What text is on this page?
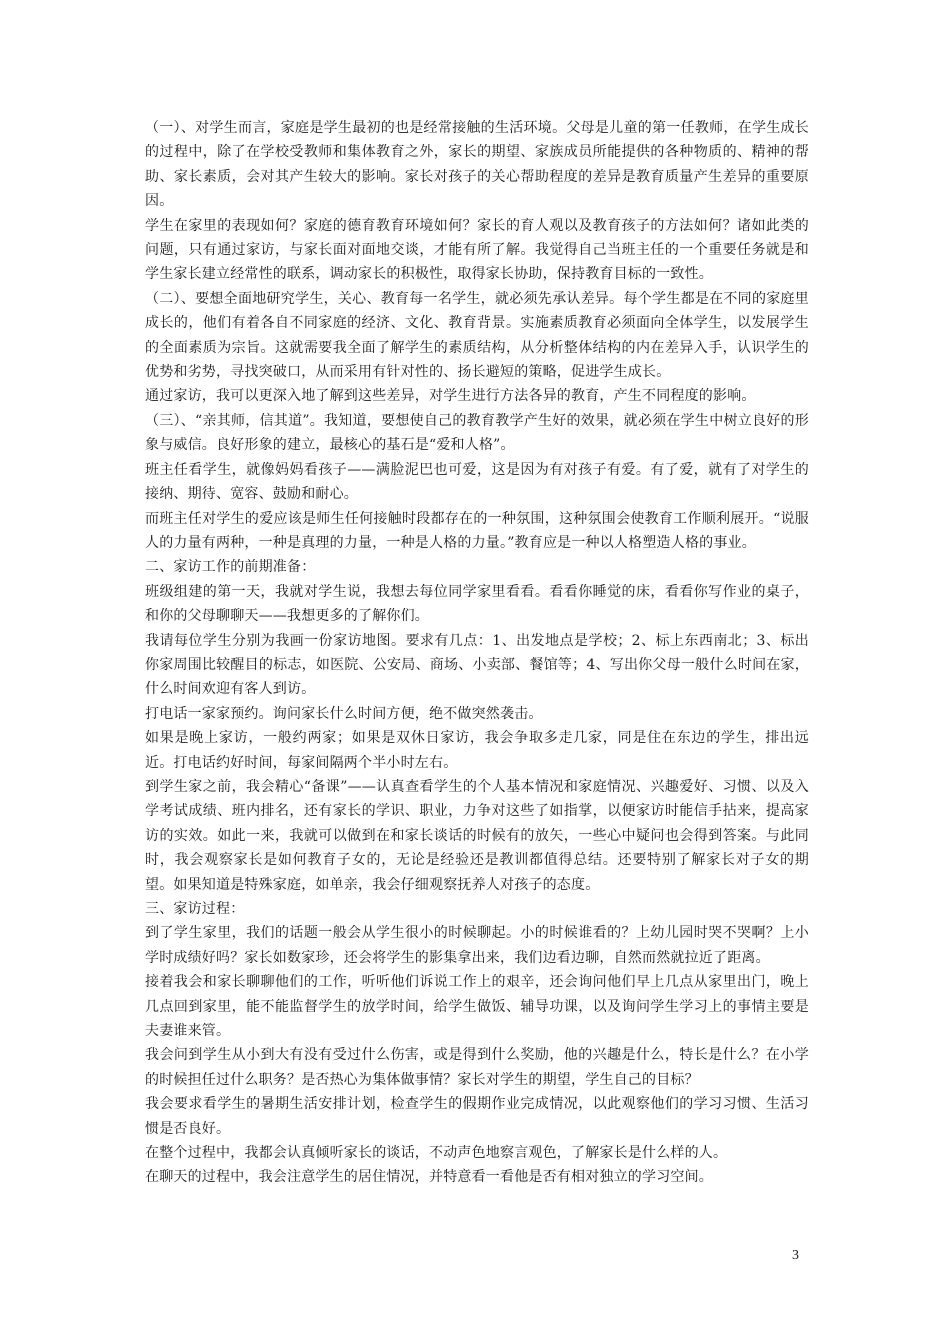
（一）、对学生而言，家庭是学生最初的也是经常接触的生活环境。父母是儿童的第一任教师，在学生成长的过程中，除了在学校受教师和集体教育之外，家长的期望、家族成员所能提供的各种物质的、精神的帮助、家长素质，会对其产生较大的影响。家长对孩子的关心帮助程度的差异是教育质量产生差异的重要原因。

学生在家里的表现如何？家庭的德育教育环境如何？家长的育人观以及教育孩子的方法如何？诸如此类的问题，只有通过家访，与家长面对面地交谈，才能有所了解。我觉得自己当班主任的一个重要任务就是和学生家长建立经常性的联系，调动家长的积极性，取得家长协助，保持教育目标的一致性。

（二）、要想全面地研究学生，关心、教育每一名学生，就必须先承认差异。每个学生都是在不同的家庭里成长的，他们有着各自不同家庭的经济、文化、教育背景。实施素质教育必须面向全体学生，以发展学生的全面素质为宗旨。这就需要我全面了解学生的素质结构，从分析整体结构的内在差异入手，认识学生的优势和劣势，寻找突破口，从而采用有针对性的、扬长避短的策略，促进学生成长。

通过家访，我可以更深入地了解到这些差异，对学生进行方法各异的教育，产生不同程度的影响。

（三）、“亲其师，信其道”。我知道，要想使自己的教育教学产生好的效果，就必须在学生中树立良好的形象与威信。良好形象的建立，最核心的基石是“爱和人格”。

班主任看学生，就像妈妈看孩子——满脸泥巴也可爱，这是因为有对孩子有爱。有了爱，就有了对学生的接纳、期待、宽容、鼓励和耐心。

而班主任对学生的爱应该是师生任何接触时段都存在的一种氛围，这种氛围会使教育工作顺利展开。“说服人的力量有两种，一种是真理的力量，一种是人格的力量。”教育应是一种以人格塑造人格的事业。

二、家访工作的前期准备：

班级组建的第一天，我就对学生说，我想去每位同学家里看看。看看你睡觉的床，看看你写作业的桌子，和你的父母聊聊天——我想更多的了解你们。

我请每位学生分别为我画一份家访地图。要求有几点：1、出发地点是学校；2、标上东西南北；3、标出你家周围比较醒目的标志，如医院、公安局、商场、小卖部、餐馆等；4、写出你父母一般什么时间在家，什么时间欢迎有客人到访。

打电话一家家预约。询问家长什么时间方便，绝不做突然袭击。

如果是晚上家访，一般约两家；如果是双休日家访，我会争取多走几家，同是住在东边的学生，排出远近。打电话约好时间，每家间隔两个半小时左右。

到学生家之前，我会精心“备课”——认真查看学生的个人基本情况和家庭情况、兴趣爱好、习惯、以及入学考试成绩、班内排名，还有家长的学识、职业，力争对这些了如指掌，以便家访时能信手拈来，提高家访的实效。如此一来，我就可以做到在和家长谈话的时候有的放矢，一些心中疑问也会得到答案。与此同时，我会观察家长是如何教育子女的，无论是经验还是教训都值得总结。还要特别了解家长对子女的期望。如果知道是特殊家庭，如单亲，我会仔细观察抚养人对孩子的态度。

三、家访过程：

到了学生家里，我们的话题一般会从学生很小的时候聊起。小的时候谁看的？上幼儿园时哭不哭啊？上小学时成绩好吗？家长如数家珍，还会将学生的影集拿出来，我们边看边聊，自然而然就拉近了距离。

接着我会和家长聊聊他们的工作，听听他们诉说工作上的艰辛，还会询问他们早上几点从家里出门，晚上几点回到家里，能不能监督学生的放学时间，给学生做饭、辅导功课，以及询问学生学习上的事情主要是夫妻谁来管。

我会问到学生从小到大有没有受过什么伤害，或是得到什么奖励，他的兴趣是什么，特长是什么？在小学的时候担任过什么职务？是否热心为集体做事情？家长对学生的期望，学生自己的目标？

我会要求看学生的暑期生活安排计划，检查学生的假期作业完成情况，以此观察他们的学习习惯、生活习惯是否良好。

在整个过程中，我都会认真倾听家长的谈话，不动声色地察言观色，了解家长是什么样的人。

在聊天的过程中，我会注意学生的居住情况，并特意看一看他是否有相对独立的学习空间。

3
